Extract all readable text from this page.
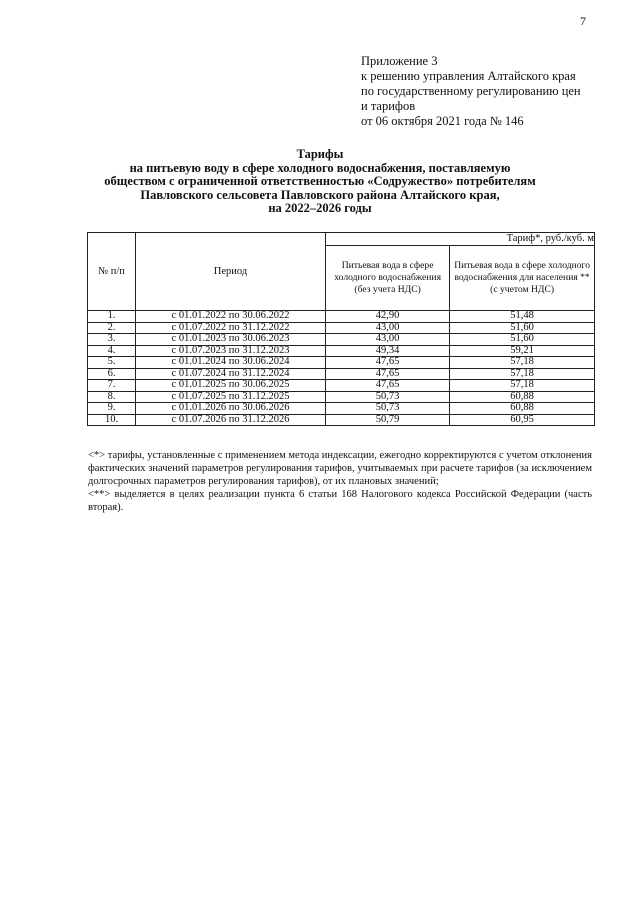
7
Приложение 3
к решению управления Алтайского края
по государственному регулированию цен
и тарифов
от 06 октября 2021 года № 146
Тарифы
на питьевую воду в сфере холодного водоснабжения, поставляемую
обществом с ограниченной ответственностью «Содружество» потребителям
Павловского сельсовета Павловского района Алтайского края,
на 2022–2026 годы
№ п/п	Период	Тариф*, руб./куб. м	
		Питьевая вода в сфере холодного водоснабжения (без учета НДС)	Питьевая вода в сфере холодного водоснабжения для населения ** (с учетом НДС)
1.	с 01.01.2022 по 30.06.2022	42,90	51,48
2.	с 01.07.2022 по 31.12.2022	43,00	51,60
3.	с 01.01.2023 по 30.06.2023	43,00	51,60
4.	с 01.07.2023 по 31.12.2023	49,34	59,21
5.	с 01.01.2024 по 30.06.2024	47,65	57,18
6.	с 01.07.2024 по 31.12.2024	47,65	57,18
7.	с 01.01.2025 по 30.06.2025	47,65	57,18
8.	с 01.07.2025 по 31.12.2025	50,73	60,88
9.	с 01.01.2026 по 30.06.2026	50,73	60,88
10.	с 01.07.2026 по 31.12.2026	50,79	60,95

<*> тарифы, установленные с применением метода индексации, ежегодно корректируются с учетом отклонения фактических значений параметров регулирования тарифов, учитываемых при расчете тарифов (за исключением долгосрочных параметров регулирования тарифов), от их плановых значений;

<**> выделяется в целях реализации пункта 6 статьи 168 Налогового кодекса Российской Федерации (часть вторая).
